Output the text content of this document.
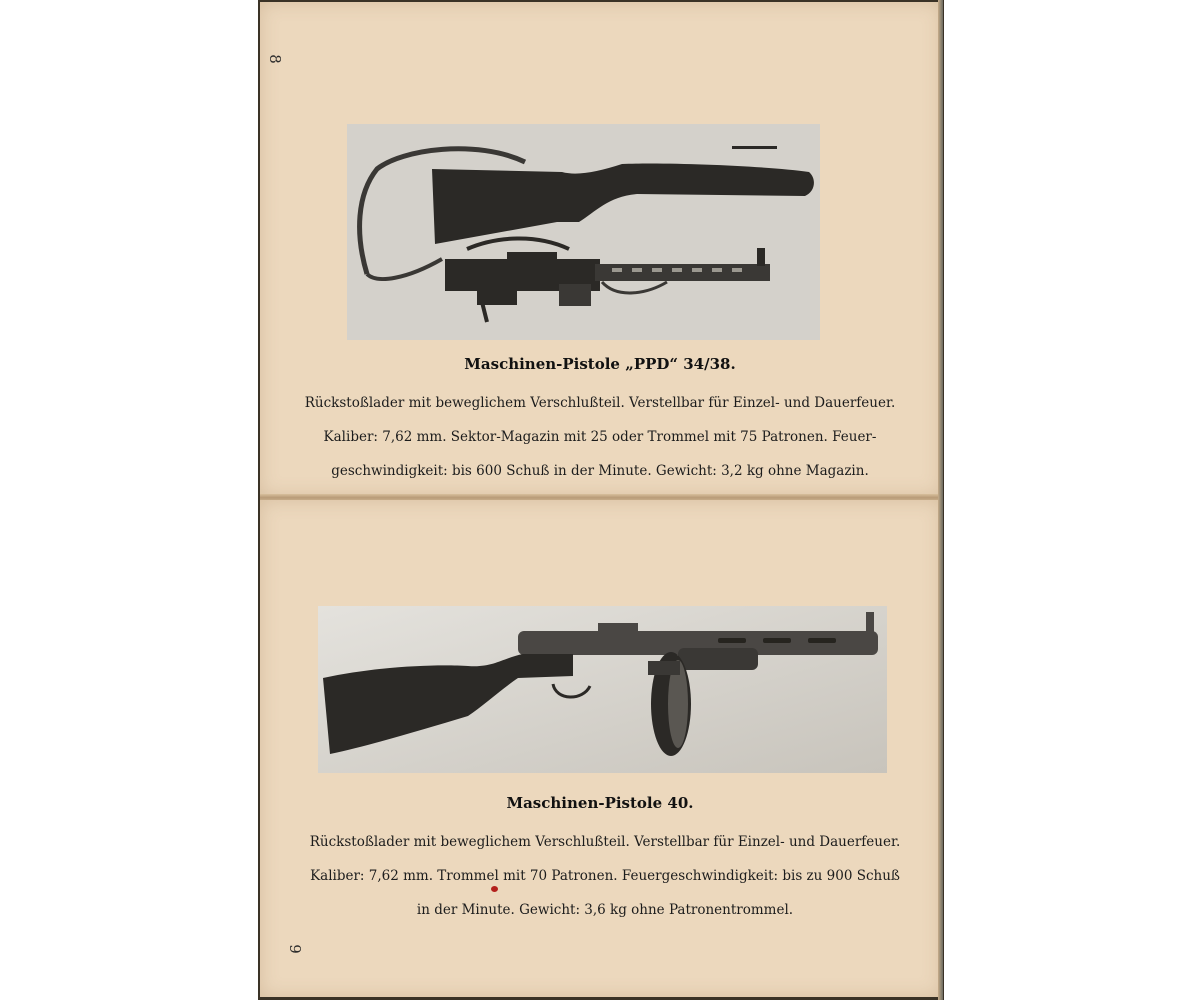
8
Maschinen-Pistole „PPD“ 34/38.

Rückstoßlader mit beweglichem Verschlußteil. Verstellbar für Einzel- und Dauerfeuer.

Kaliber: 7,62 mm. Sektor-Magazin mit 25 oder Trommel mit 75 Patronen. Feuer-

geschwindigkeit: bis 600 Schuß in der Minute. Gewicht: 3,2 kg ohne Magazin.

9
Maschinen-Pistole 40.

Rückstoßlader mit beweglichem Verschlußteil. Verstellbar für Einzel- und Dauerfeuer.

Kaliber: 7,62 mm. Trommel mit 70 Patronen. Feuergeschwindigkeit: bis zu 900 Schuß

in der Minute. Gewicht: 3,6 kg ohne Patronentrommel.
